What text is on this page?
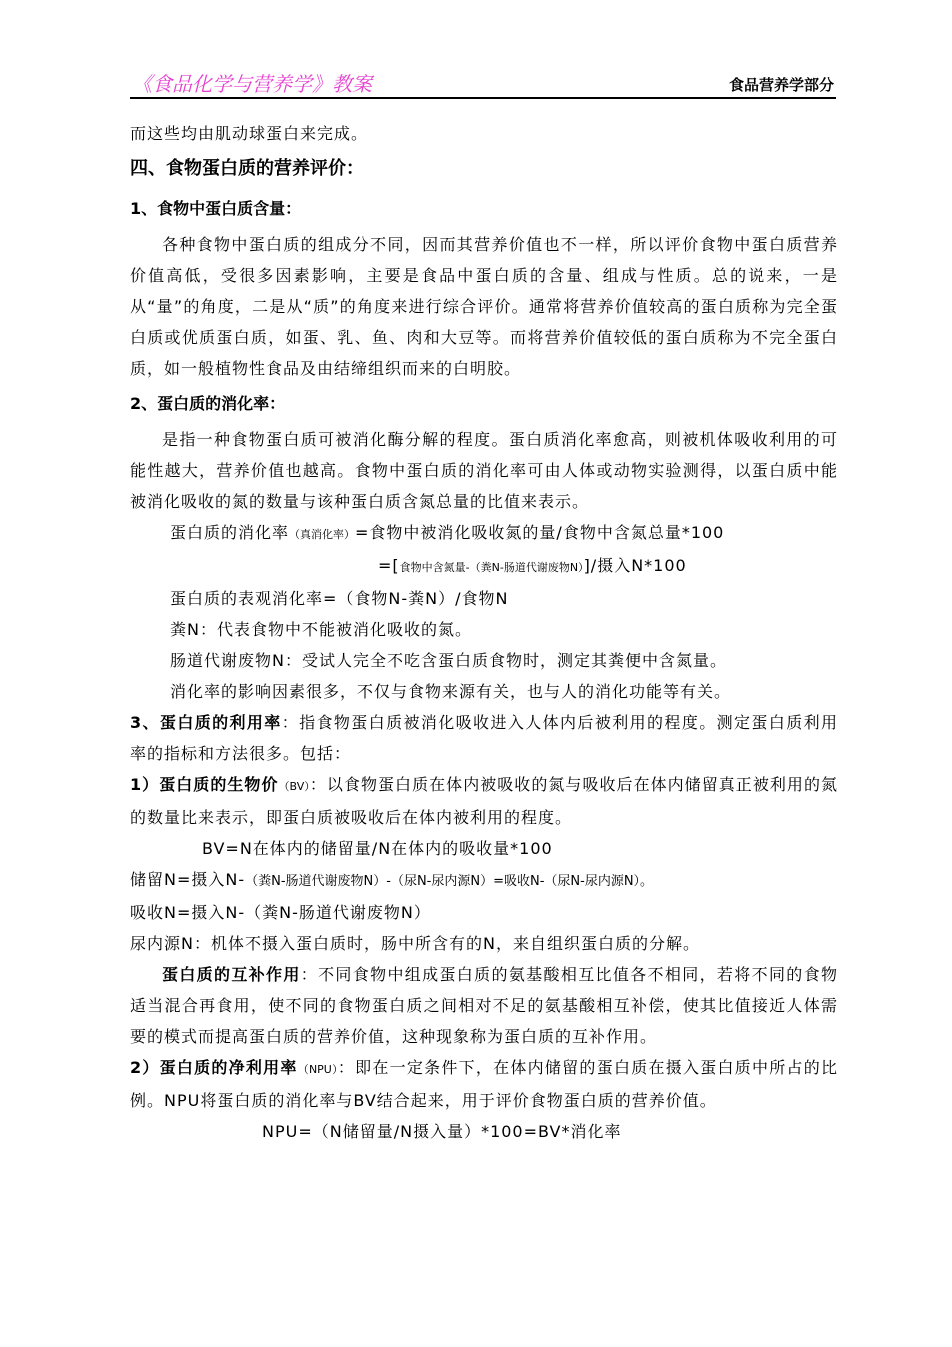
《食品化学与营养学》教案	食品营养学部分

而这些均由肌动球蛋白来完成。

四、食物蛋白质的营养评价：

1、食物中蛋白质含量：

各种食物中蛋白质的组成分不同，因而其营养价值也不一样，所以评价食物中蛋白质营养价值高低，受很多因素影响，主要是食品中蛋白质的含量、组成与性质。总的说来，一是从“量”的角度，二是从“质”的角度来进行综合评价。通常将营养价值较高的蛋白质称为完全蛋白质或优质蛋白质，如蛋、乳、鱼、肉和大豆等。而将营养价值较低的蛋白质称为不完全蛋白质，如一般植物性食品及由结缔组织而来的白明胶。

2、蛋白质的消化率：

是指一种食物蛋白质可被消化酶分解的程度。蛋白质消化率愈高，则被机体吸收利用的可能性越大，营养价值也越高。食物中蛋白质的消化率可由人体或动物实验测得，以蛋白质中能被消化吸收的氮的数量与该种蛋白质含氮总量的比值来表示。

蛋白质的消化率（真消化率）=食物中被消化吸收氮的量/食物中含氮总量*100

=[食物中含氮量-（粪N-肠道代谢废物N）]/摄入N*100

蛋白质的表观消化率=（食物N-粪N）/食物N

粪N：代表食物中不能被消化吸收的氮。

肠道代谢废物N：受试人完全不吃含蛋白质食物时，测定其粪便中含氮量。

消化率的影响因素很多，不仅与食物来源有关，也与人的消化功能等有关。

3、蛋白质的利用率：指食物蛋白质被消化吸收进入人体内后被利用的程度。测定蛋白质利用率的指标和方法很多。包括：

1）蛋白质的生物价（BV）：以食物蛋白质在体内被吸收的氮与吸收后在体内储留真正被利用的氮的数量比来表示，即蛋白质被吸收后在体内被利用的程度。

BV=N在体内的储留量/N在体内的吸收量*100

储留N=摄入N-（粪N-肠道代谢废物N）-（尿N-尿内源N）=吸收N-（尿N-尿内源N）。

吸收N=摄入N-（粪N-肠道代谢废物N）

尿内源N：机体不摄入蛋白质时，肠中所含有的N，来自组织蛋白质的分解。

蛋白质的互补作用：不同食物中组成蛋白质的氨基酸相互比值各不相同，若将不同的食物适当混合再食用，使不同的食物蛋白质之间相对不足的氨基酸相互补偿，使其比值接近人体需要的模式而提高蛋白质的营养价值，这种现象称为蛋白质的互补作用。

2）蛋白质的净利用率（NPU）：即在一定条件下，在体内储留的蛋白质在摄入蛋白质中所占的比例。NPU将蛋白质的消化率与BV结合起来，用于评价食物蛋白质的营养价值。

NPU=（N储留量/N摄入量）*100=BV*消化率
